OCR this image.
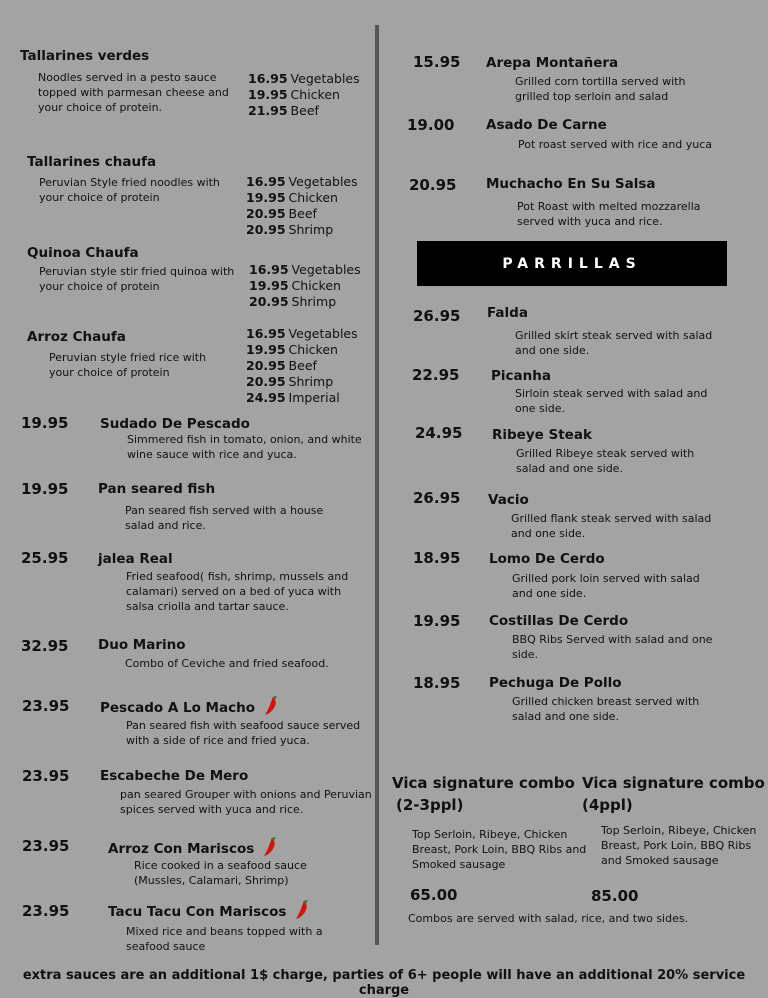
Tallarines verdes
Noodles served in a pesto sauce topped with parmesan cheese and your choice of protein.
16.95 Vegetables
19.95 Chicken
21.95 Beef
Tallarines chaufa
Peruvian Style fried noodles with your choice of protein
16.95 Vegetables
19.95 Chicken
20.95 Beef
20.95 Shrimp
Quinoa Chaufa
Peruvian style stir fried quinoa with your choice of protein
16.95 Vegetables
19.95 Chicken
20.95 Shrimp
Arroz Chaufa
Peruvian style fried rice with your choice of protein
16.95 Vegetables
19.95 Chicken
20.95 Beef
20.95 Shrimp
24.95 Imperial
19.95 Sudado De Pescado
Simmered fish in tomato, onion, and white wine sauce with rice and yuca.
19.95 Pan seared fish
Pan seared fish served with a house salad and rice.
25.95 jalea Real
Fried seafood( fish, shrimp, mussels and calamari) served on a bed of yuca with salsa criolla and tartar sauce.
32.95 Duo Marino
Combo of Ceviche and fried seafood.
23.95 Pescado A Lo Macho
Pan seared fish with seafood sauce served with a side of rice and fried yuca.
23.95 Escabeche De Mero
pan seared Grouper with onions and Peruvian spices served with yuca and rice.
23.95	Arroz Con Mariscos
Rice cooked in a seafood sauce (Mussles, Calamari, Shrimp)
23.95	Tacu Tacu Con Mariscos
Mixed rice and beans topped with a seafood sauce
15.95 Arepa Montañera
Grilled corn tortilla served with grilled top serloin and salad
19.00 Asado De Carne
Pot roast served with rice and yuca
20.95 Muchacho En Su Salsa
Pot Roast with melted mozzarella served with yuca and rice.
PARRILLAS
26.95 Falda
Grilled skirt steak served with salad and one side.
22.95 Picanha
Sirloin steak served with salad and one side.
24.95 Ribeye Steak
Grilled Ribeye steak served with salad and one side.
26.95 Vacio
Grilled flank steak served with salad and one side.
18.95 Lomo De Cerdo
Grilled pork loin served with salad and one side.
19.95 Costillas De Cerdo
BBQ Ribs Served with salad and one side.
18.95 Pechuga De Pollo
Grilled chicken breast served with salad and one side.
Vica signature combo
(2-3ppl)
Top Serloin, Ribeye, Chicken Breast, Pork Loin, BBQ Ribs and Smoked sausage
65.00
Vica signature combo
(4ppl)
Top Serloin, Ribeye, Chicken Breast, Pork Loin, BBQ Ribs and Smoked sausage
85.00
Combos are served with salad, rice, and two sides.
extra sauces are an additional 1$ charge, parties of 6+ people will have an additional 20% service charge
